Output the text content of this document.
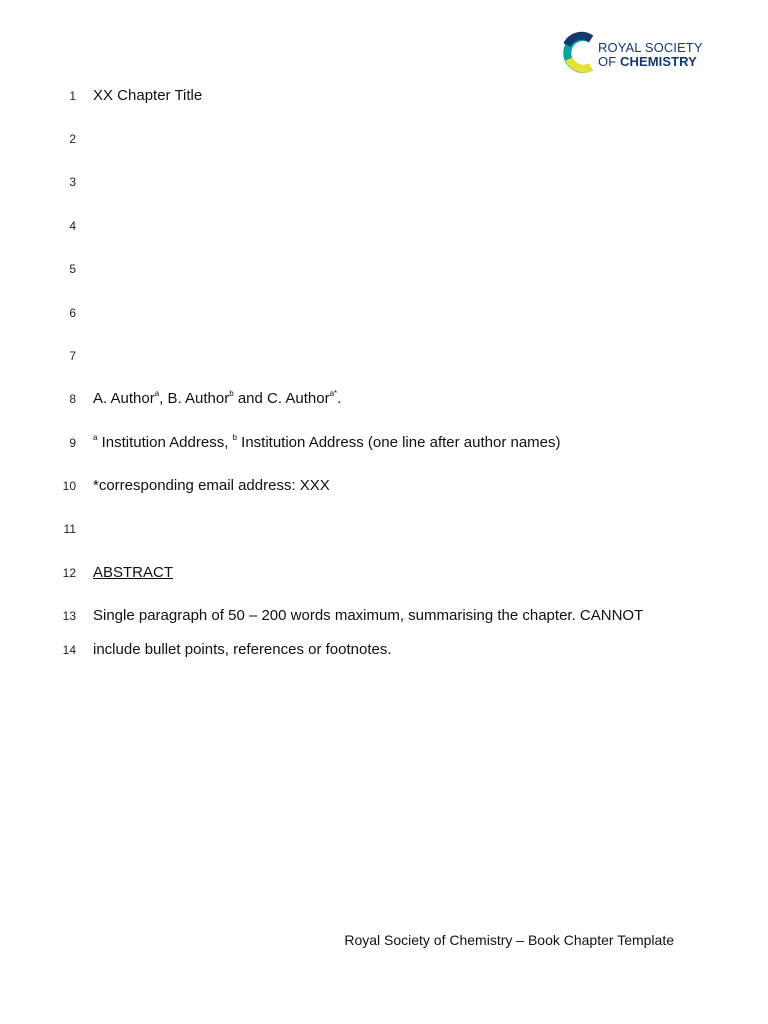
ROYAL SOCIETY
OF CHEMISTRY
1
2
3
4
5
6
7
8
9
10
11
12
13
14
XX Chapter Title
A. Author$^a$, B. Author$^b$ and C. Author$^{a*}$.
$^a$ Institution Address, $^b$ Institution Address (one line after author names)
*corresponding email address: XXX
ABSTRACT
Single paragraph of 50 – 200 words maximum, summarising the chapter. CANNOT
include bullet points, references or footnotes.
Royal Society of Chemistry – Book Chapter Template
